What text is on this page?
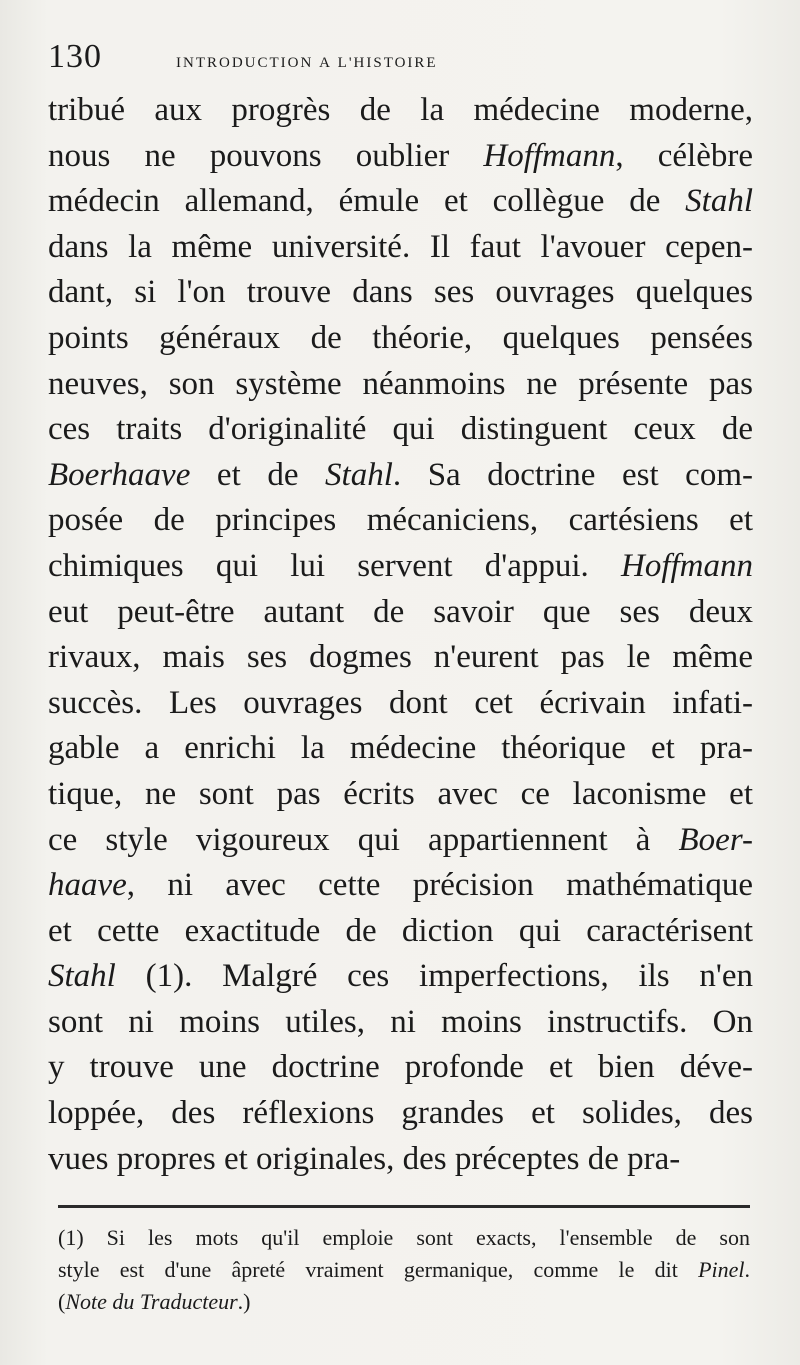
130	introduction a l'histoire
tribué aux progrès de la médecine moderne,
nous ne pouvons oublier Hoffmann, célèbre
médecin allemand, émule et collègue de Stahl
dans la même université. Il faut l'avouer cepen-
dant, si l'on trouve dans ses ouvrages quelques
points généraux de théorie, quelques pensées
neuves, son système néanmoins ne présente pas
ces traits d'originalité qui distinguent ceux de
Boerhaave et de Stahl. Sa doctrine est com-
posée de principes mécaniciens, cartésiens et
chimiques qui lui servent d'appui. Hoffmann
eut peut-être autant de savoir que ses deux
rivaux, mais ses dogmes n'eurent pas le même
succès. Les ouvrages dont cet écrivain infati-
gable a enrichi la médecine théorique et pra-
tique, ne sont pas écrits avec ce laconisme et
ce style vigoureux qui appartiennent à Boer-
haave, ni avec cette précision mathématique
et cette exactitude de diction qui caractérisent
Stahl (1). Malgré ces imperfections, ils n'en
sont ni moins utiles, ni moins instructifs. On
y trouve une doctrine profonde et bien déve-
loppée, des réflexions grandes et solides, des
vues propres et originales, des préceptes de pra-
(1) Si les mots qu'il emploie sont exacts, l'ensemble de son
style est d'une âpreté vraiment germanique, comme le dit Pinel.
(Note du Traducteur.)
